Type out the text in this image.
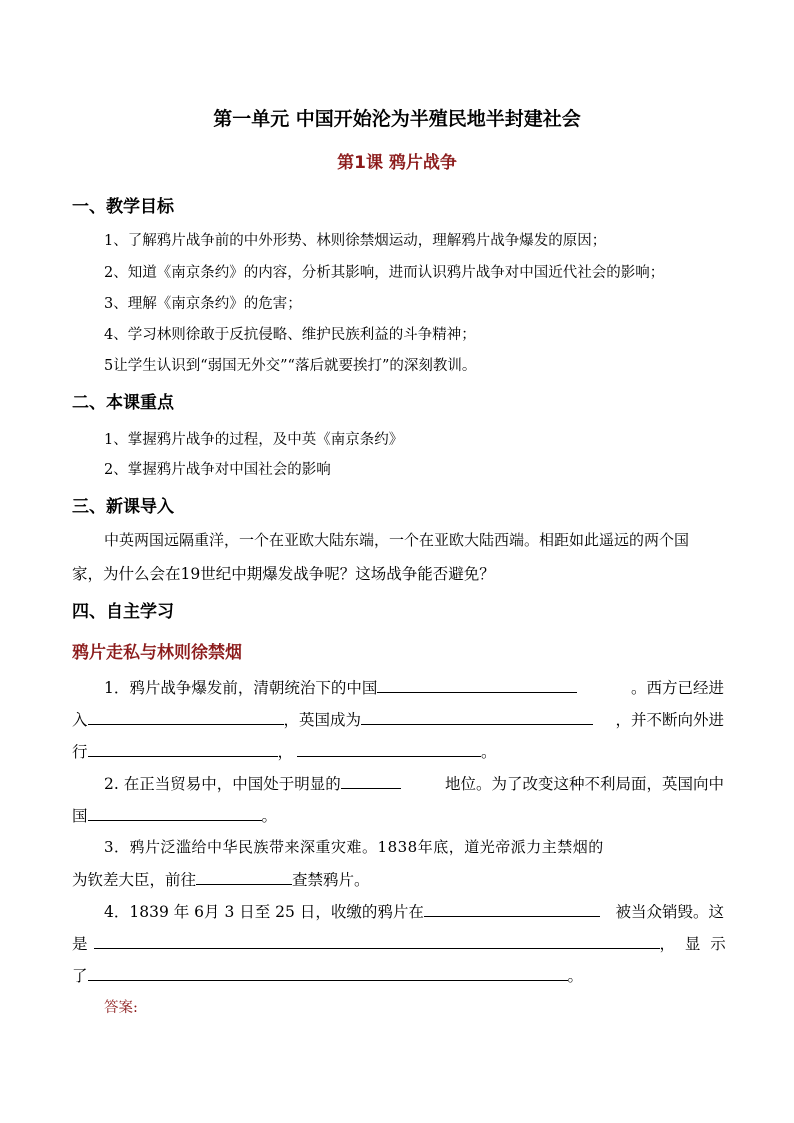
第一单元 中国开始沦为半殖民地半封建社会
第1课 鸦片战争
一、教学目标
1、了解鸦片战争前的中外形势、林则徐禁烟运动，理解鸦片战争爆发的原因；
2、知道《南京条约》的内容，分析其影响，进而认识鸦片战争对中国近代社会的影响；
3、理解《南京条约》的危害；
4、学习林则徐敢于反抗侵略、维护民族利益的斗争精神；
5让学生认识到“弱国无外交”“落后就要挨打”的深刻教训。
二、本课重点
1、掌握鸦片战争的过程，及中英《南京条约》
2、掌握鸦片战争对中国社会的影响
三、新课导入
中英两国远隔重洋，一个在亚欧大陆东端，一个在亚欧大陆西端。相距如此遥远的两个国
家，为什么会在19世纪中期爆发战争呢？这场战争能否避免？
四、自主学习
鸦片走私与林则徐禁烟
1．鸦片战争爆发前，清朝统治下的中国	。西方已经进
入	，英国成为	，并不断向外进
行	，	。
2. 在正当贸易中，中国处于明显的	地位。为了改变这种不利局面，英国向中
国	。
3．鸦片泛滥给中华民族带来深重灾难。1838年底，道光帝派力主禁烟的
为钦差大臣，前往	查禁鸦片。
4．1839 年 6月 3 日至 25 日，收缴的鸦片在	被当众销毁。这
是	，  显  示
了	。
答案:
